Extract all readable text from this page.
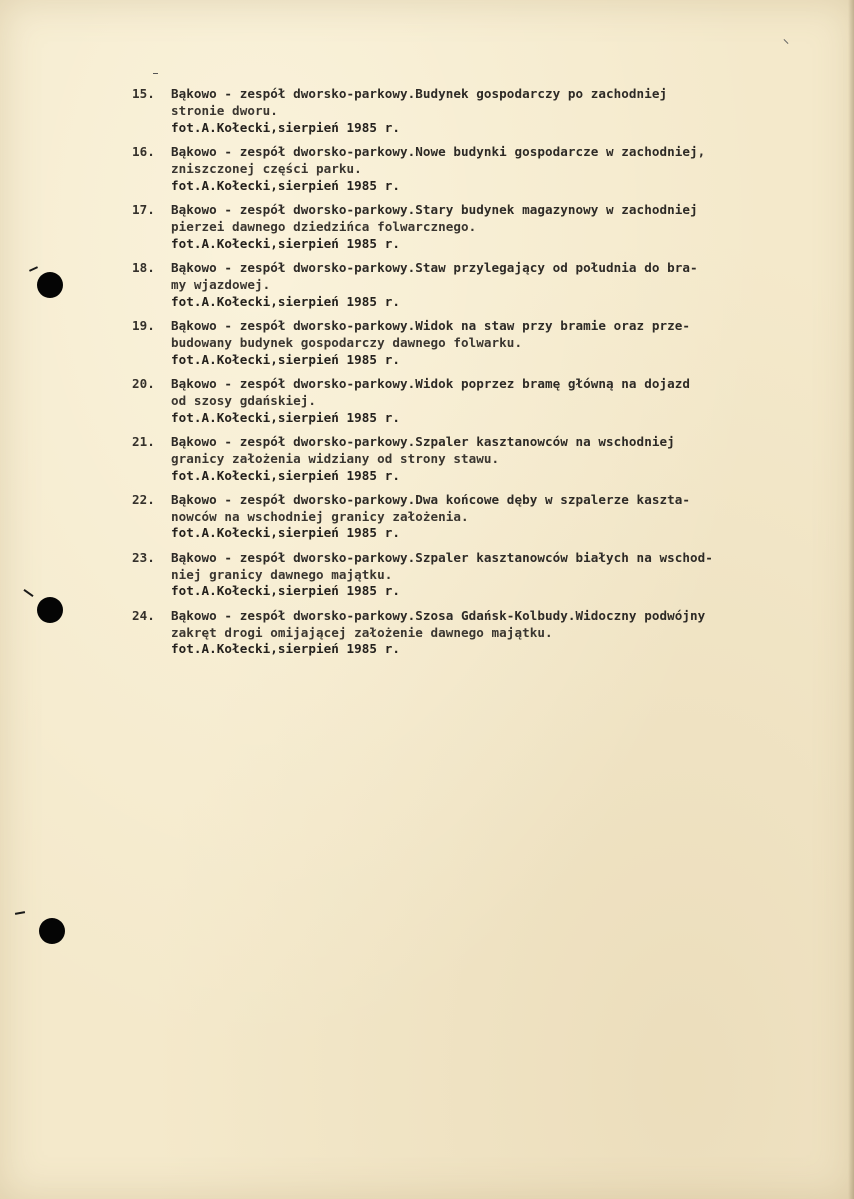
15. Bąkowo - zespół dworsko-parkowy.Budynek gospodarczy po zachodniej
stronie dworu.
fot.A.Kołecki,sierpień 1985 r.
16. Bąkowo - zespół dworsko-parkowy.Nowe budynki gospodarcze w zachodniej,
zniszczonej części parku.
fot.A.Kołecki,sierpień 1985 r.
17. Bąkowo - zespół dworsko-parkowy.Stary budynek magazynowy w zachodniej
pierzei dawnego dziedzińca folwarcznego.
fot.A.Kołecki,sierpień 1985 r.
18. Bąkowo - zespół dworsko-parkowy.Staw przylegający od południa do bra-
my wjazdowej.
fot.A.Kołecki,sierpień 1985 r.
19. Bąkowo - zespół dworsko-parkowy.Widok na staw przy bramie oraz prze-
budowany budynek gospodarczy dawnego folwarku.
fot.A.Kołecki,sierpień 1985 r.
20. Bąkowo - zespół dworsko-parkowy.Widok poprzez bramę główną na dojazd
od szosy gdańskiej.
fot.A.Kołecki,sierpień 1985 r.
21. Bąkowo - zespół dworsko-parkowy.Szpaler kasztanowców na wschodniej
granicy założenia widziany od strony stawu.
fot.A.Kołecki,sierpień 1985 r.
22. Bąkowo - zespół dworsko-parkowy.Dwa końcowe dęby w szpalerze kaszta-
nowców na wschodniej granicy założenia.
fot.A.Kołecki,sierpień 1985 r.
23. Bąkowo - zespół dworsko-parkowy.Szpaler kasztanowców białych na wschod-
niej granicy dawnego majątku.
fot.A.Kołecki,sierpień 1985 r.
24. Bąkowo - zespół dworsko-parkowy.Szosa Gdańsk-Kolbudy.Widoczny podwójny
zakręt drogi omijającej założenie dawnego majątku.
fot.A.Kołecki,sierpień 1985 r.
